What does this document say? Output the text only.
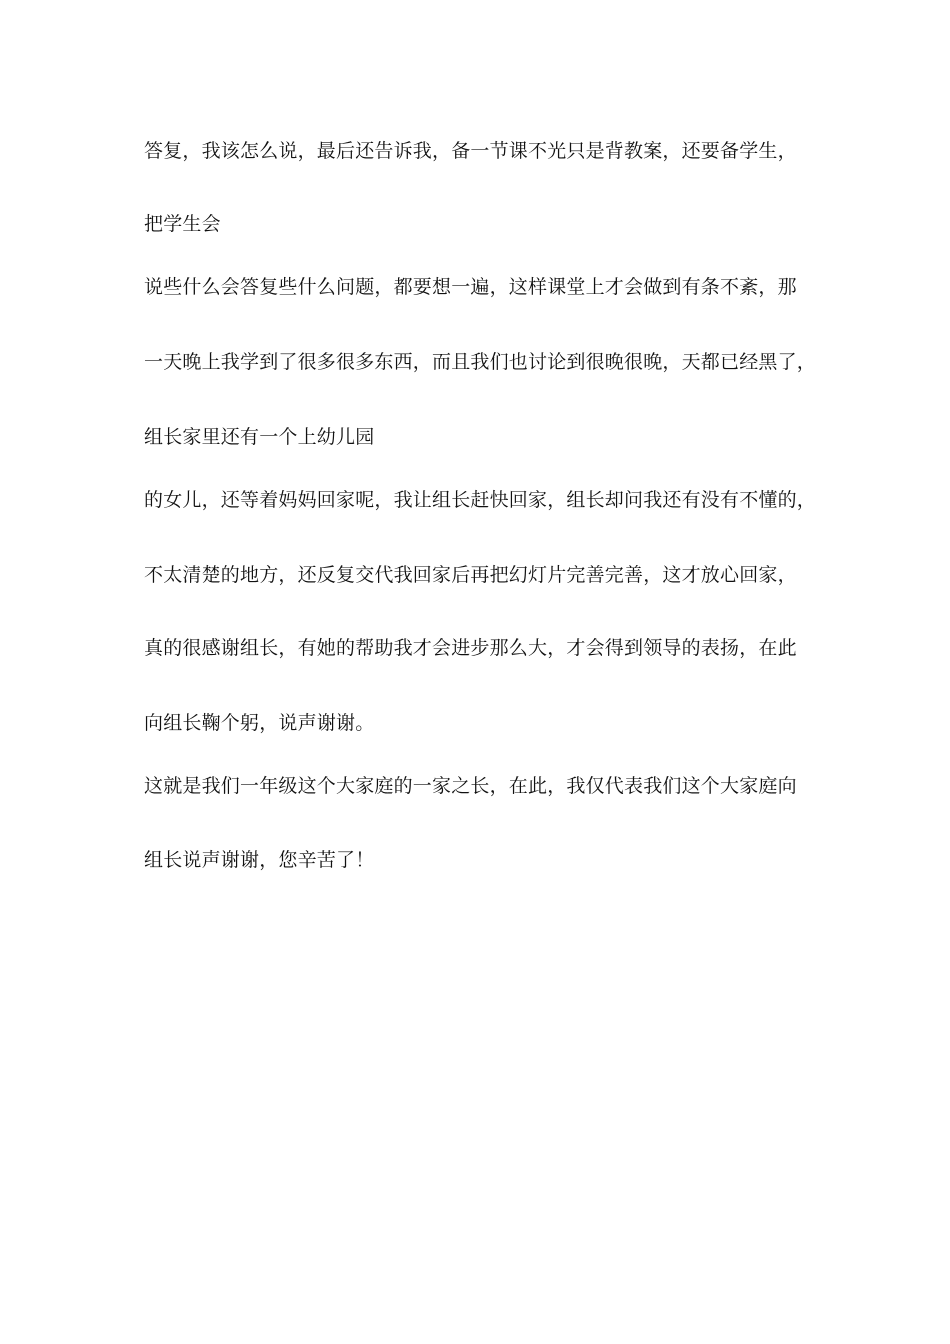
答复，我该怎么说，最后还告诉我，备一节课不光只是背教案，还要备学生，
把学生会
说些什么会答复些什么问题，都要想一遍，这样课堂上才会做到有条不紊，那
一天晚上我学到了很多很多东西，而且我们也讨论到很晚很晚，天都已经黑了，
组长家里还有一个上幼儿园
的女儿，还等着妈妈回家呢，我让组长赶快回家，组长却问我还有没有不懂的，
不太清楚的地方，还反复交代我回家后再把幻灯片完善完善，这才放心回家，
真的很感谢组长，有她的帮助我才会进步那么大，才会得到领导的表扬，在此
向组长鞠个躬，说声谢谢。
这就是我们一年级这个大家庭的一家之长，在此，我仅代表我们这个大家庭向
组长说声谢谢，您辛苦了！
